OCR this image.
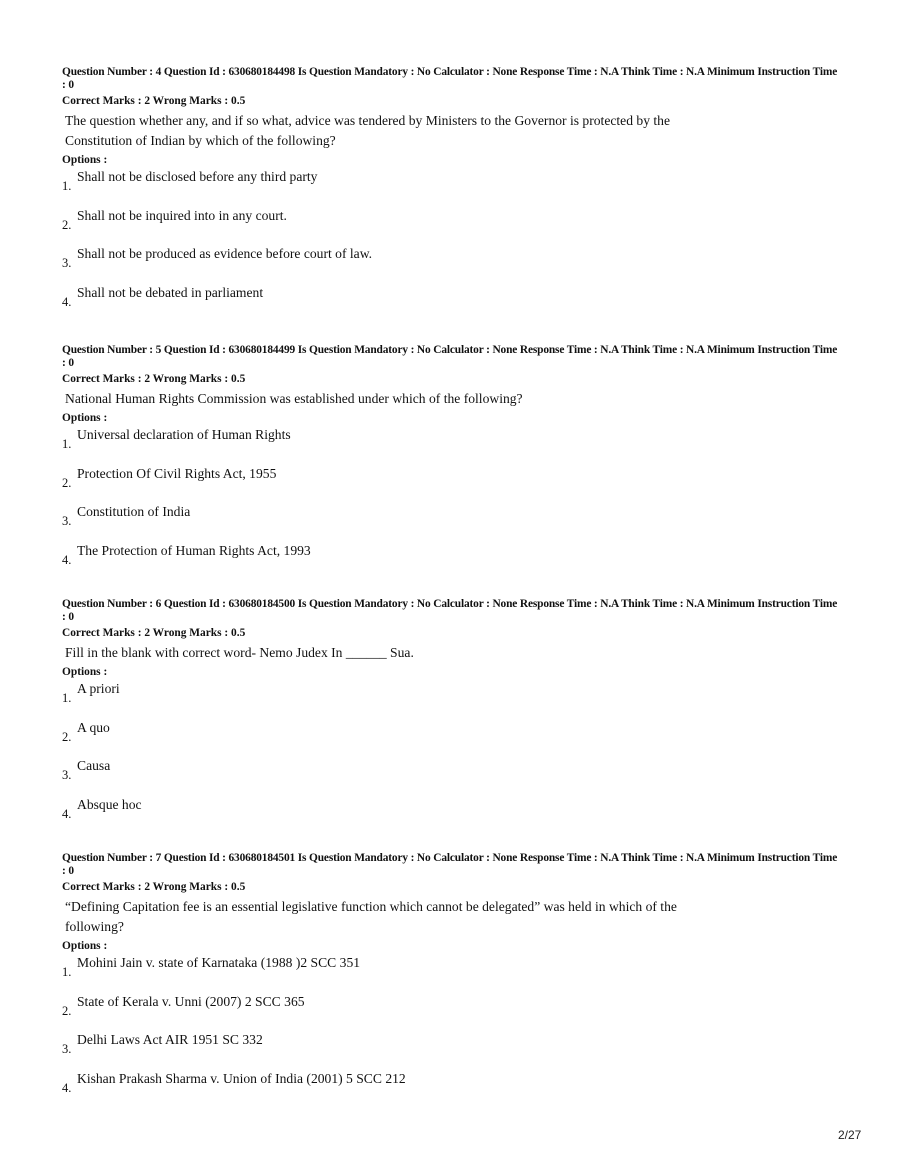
Question Number : 4 Question Id : 630680184498 Is Question Mandatory : No Calculator : None Response Time : N.A Think Time : N.A Minimum Instruction Time : 0
Correct Marks : 2 Wrong Marks : 0.5
The question whether any, and if so what, advice was tendered by Ministers to the Governor is protected by the
Constitution of Indian by which of the following?
Options :
1.
Shall not be disclosed before any third party
2.
Shall not be inquired into in any court.
3.
Shall not be produced as evidence before court of law.
4.
Shall not be debated in parliament
Question Number : 5 Question Id : 630680184499 Is Question Mandatory : No Calculator : None Response Time : N.A Think Time : N.A Minimum Instruction Time : 0
Correct Marks : 2 Wrong Marks : 0.5
National Human Rights Commission was established under which of the following?
Options :
1.
Universal declaration of Human Rights
2.
Protection Of Civil Rights Act, 1955
3.
Constitution of India
4.
The Protection of Human Rights Act, 1993
Question Number : 6 Question Id : 630680184500 Is Question Mandatory : No Calculator : None Response Time : N.A Think Time : N.A Minimum Instruction Time : 0
Correct Marks : 2 Wrong Marks : 0.5
Fill in the blank with correct word- Nemo Judex In ______ Sua.
Options :
1.
A priori
2.
A quo
3.
Causa
4.
Absque hoc
Question Number : 7 Question Id : 630680184501 Is Question Mandatory : No Calculator : None Response Time : N.A Think Time : N.A Minimum Instruction Time : 0
Correct Marks : 2 Wrong Marks : 0.5
“Defining Capitation fee is an essential legislative function which cannot be delegated” was held in which of the
following?
Options :
1.
Mohini Jain v. state of Karnataka (1988 )2 SCC 351
2.
State of Kerala v. Unni (2007) 2 SCC 365
3.
Delhi Laws Act AIR 1951 SC 332
4.
Kishan Prakash Sharma v. Union of India (2001) 5 SCC 212
2/27
